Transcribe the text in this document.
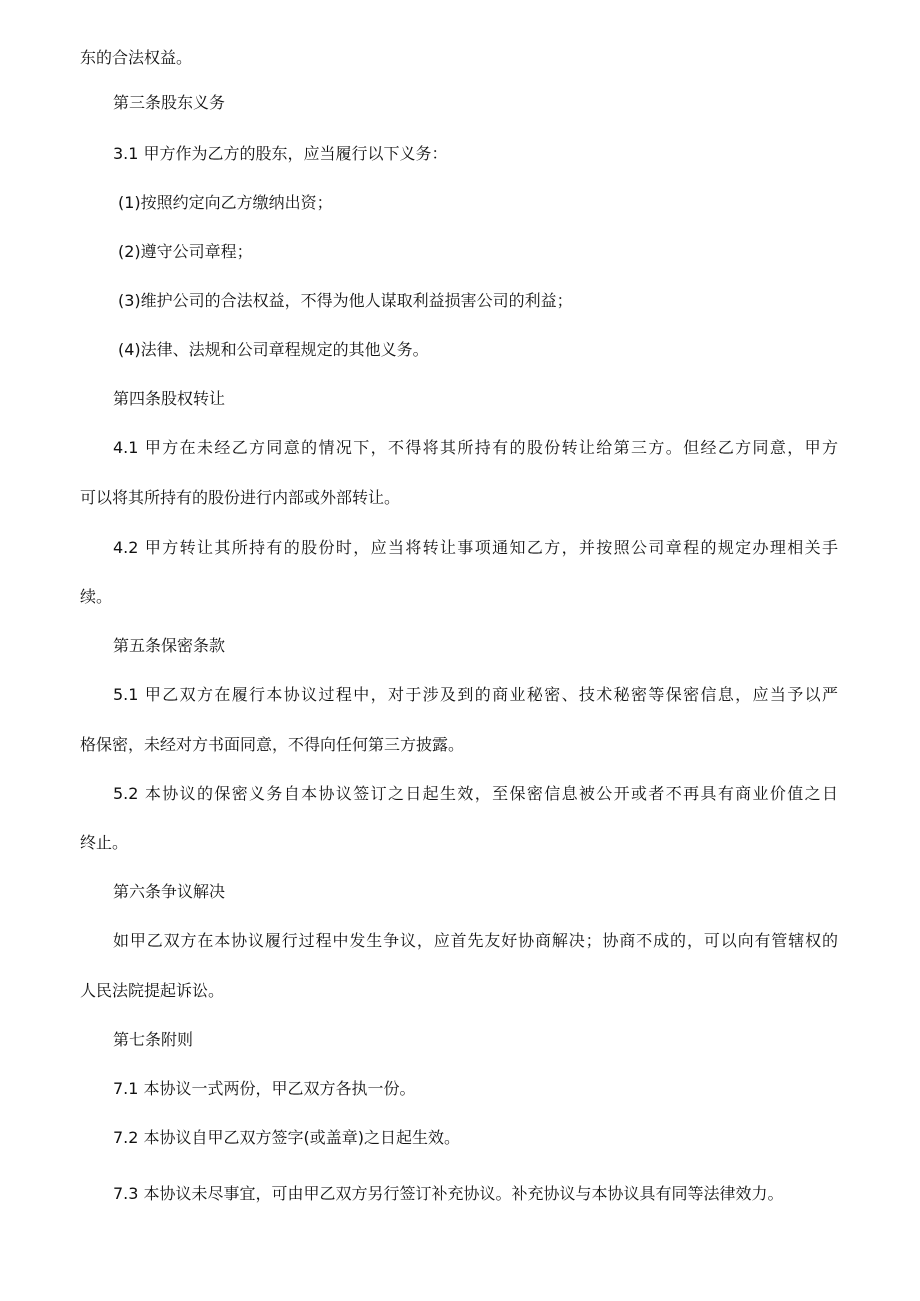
东的合法权益。

第三条股东义务

3.1 甲方作为乙方的股东，应当履行以下义务：

(1)按照约定向乙方缴纳出资；

(2)遵守公司章程；

(3)维护公司的合法权益，不得为他人谋取利益损害公司的利益；

(4)法律、法规和公司章程规定的其他义务。

第四条股权转让

4.1 甲方在未经乙方同意的情况下，不得将其所持有的股份转让给第三方。但经乙方同意，甲方

可以将其所持有的股份进行内部或外部转让。

4.2 甲方转让其所持有的股份时，应当将转让事项通知乙方，并按照公司章程的规定办理相关手

续。

第五条保密条款

5.1 甲乙双方在履行本协议过程中，对于涉及到的商业秘密、技术秘密等保密信息，应当予以严

格保密，未经对方书面同意，不得向任何第三方披露。

5.2 本协议的保密义务自本协议签订之日起生效，至保密信息被公开或者不再具有商业价值之日

终止。

第六条争议解决

如甲乙双方在本协议履行过程中发生争议，应首先友好协商解决；协商不成的，可以向有管辖权的

人民法院提起诉讼。

第七条附则

7.1 本协议一式两份，甲乙双方各执一份。

7.2 本协议自甲乙双方签字(或盖章)之日起生效。

7.3 本协议未尽事宜，可由甲乙双方另行签订补充协议。补充协议与本协议具有同等法律效力。
